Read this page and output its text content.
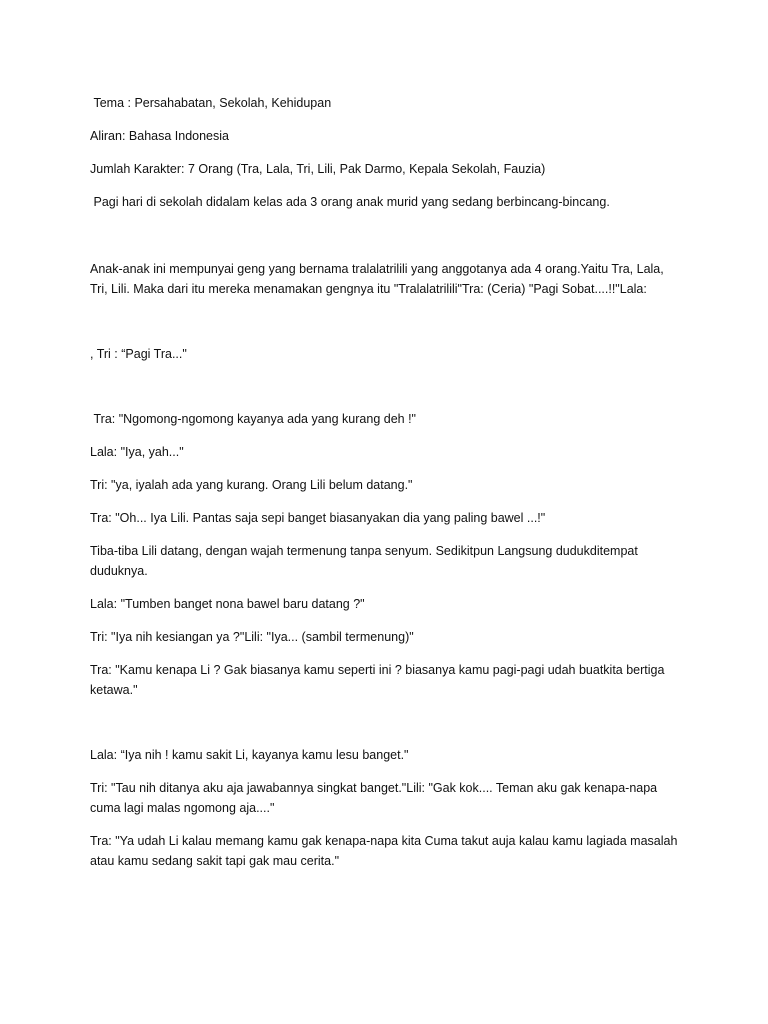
Tema : Persahabatan, Sekolah, Kehidupan

Aliran: Bahasa Indonesia

Jumlah Karakter: 7 Orang (Tra, Lala, Tri, Lili, Pak Darmo, Kepala Sekolah, Fauzia)

Pagi hari di sekolah didalam kelas ada 3 orang anak murid yang sedang berbincang-bincang.

Anak-anak ini mempunyai geng yang bernama tralalatrilili yang anggotanya ada 4 orang.Yaitu Tra, Lala,
Tri, Lili. Maka dari itu mereka menamakan gengnya itu "Tralalatrilili"Tra: (Ceria) "Pagi Sobat....!!"Lala:

, Tri : “Pagi Tra..."

Tra: "Ngomong-ngomong kayanya ada yang kurang deh !"

Lala: "Iya, yah..."

Tri: "ya, iyalah ada yang kurang. Orang Lili belum datang."

Tra: "Oh... Iya Lili. Pantas saja sepi banget biasanyakan dia yang paling bawel ...!"

Tiba-tiba Lili datang, dengan wajah termenung tanpa senyum. Sedikitpun Langsung dudukditempat
duduknya.

Lala: "Tumben banget nona bawel baru datang ?"

Tri: "Iya nih kesiangan ya ?"Lili: "Iya... (sambil termenung)"

Tra: "Kamu kenapa Li ? Gak biasanya kamu seperti ini ? biasanya kamu pagi-pagi udah buatkita bertiga
ketawa."

Lala: “Iya nih ! kamu sakit Li, kayanya kamu lesu banget."

Tri: "Tau nih ditanya aku aja jawabannya singkat banget."Lili: "Gak kok.... Teman aku gak kenapa-napa
cuma lagi malas ngomong aja...."

Tra: "Ya udah Li kalau memang kamu gak kenapa-napa kita Cuma takut auja kalau kamu lagiada masalah
atau kamu sedang sakit tapi gak mau cerita."
